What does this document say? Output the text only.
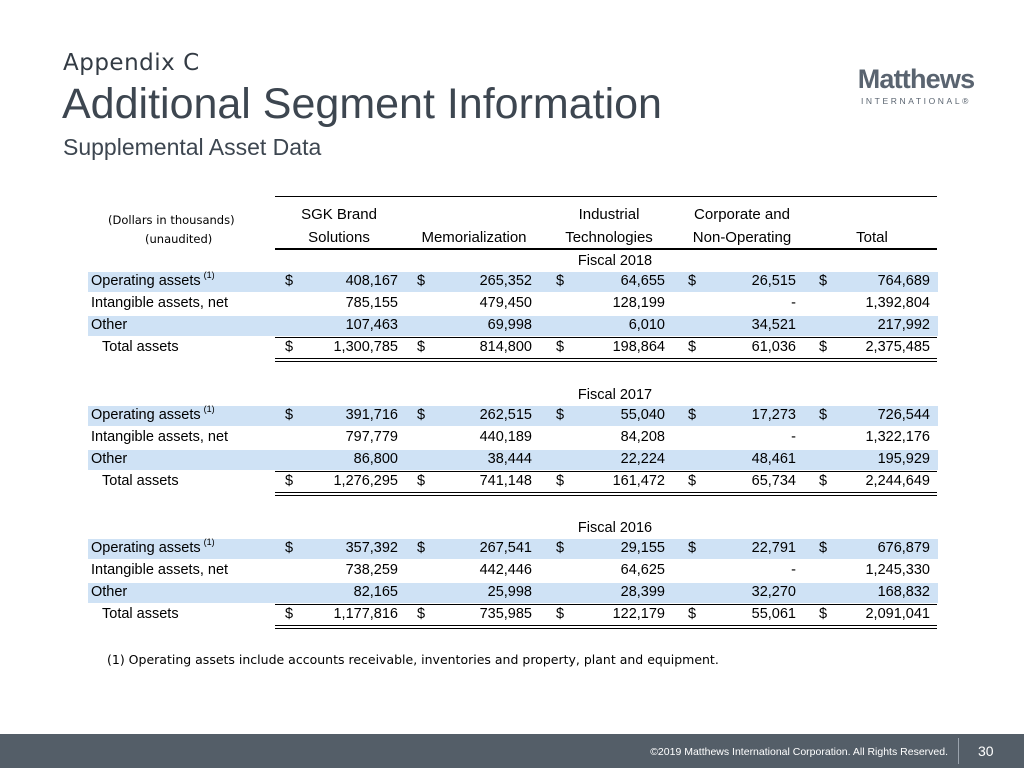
Appendix C
Additional Segment Information
Supplemental Asset Data
Matthews
INTERNATIONAL®
(Dollars in thousands)
(unaudited)
SGK Brand
Solutions	Memorialization
Industrial
Technologies
Corporate and
Non-Operating	Total
Fiscal 2018
Operating assets $^{(1)}$	$	408,167 $	265,352 $	64,655 $	26,515 $	764,689
Intangible assets, net	785,155	479,450	128,199	-	1,392,804
Other	107,463	69,998	6,010	34,521	217,992
Total assets	$	1,300,785 $	814,800 $	198,864 $	61,036 $	2,375,485
Fiscal 2017
Operating assets $^{(1)}$	$	391,716 $	262,515 $	55,040 $	17,273 $	726,544
Intangible assets, net	797,779	440,189	84,208	-	1,322,176
Other	86,800	38,444	22,224	48,461	195,929
Total assets	$	1,276,295 $	741,148 $	161,472 $	65,734 $	2,244,649
Fiscal 2016
Operating assets $^{(1)}$	$	357,392 $	267,541 $	29,155 $	22,791 $	676,879
Intangible assets, net	738,259	442,446	64,625	-	1,245,330
Other	82,165	25,998	28,399	32,270	168,832
Total assets	$	1,177,816 $	735,985 $	122,179 $	55,061 $	2,091,041
(1) Operating assets include accounts receivable, inventories and property, plant and equipment.
©2019 Matthews International Corporation. All Rights Reserved. 30
